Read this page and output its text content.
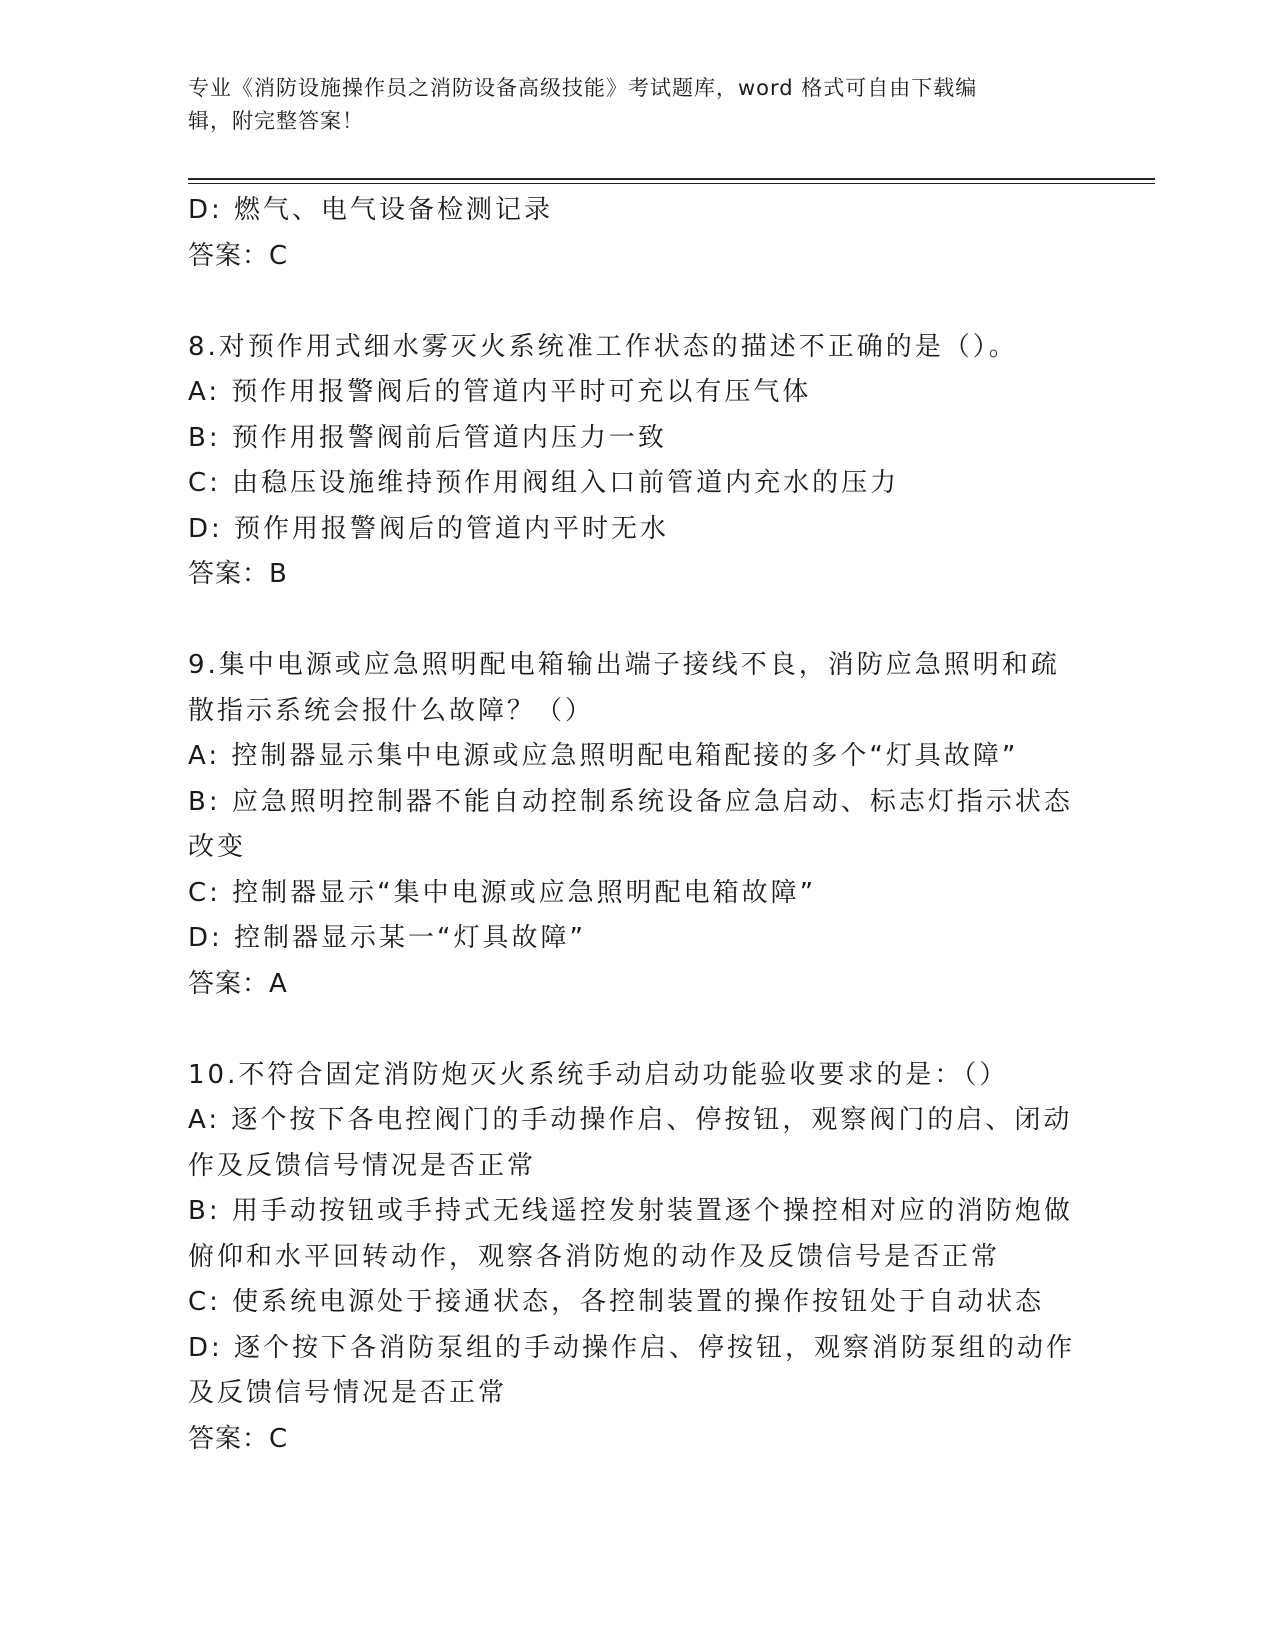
专业《消防设施操作员之消防设备高级技能》考试题库，word 格式可自由下载编
辑，附完整答案！
D: 燃气、电气设备检测记录
答案：C
8.对预作用式细水雾灭火系统准工作状态的描述不正确的是（）。
A: 预作用报警阀后的管道内平时可充以有压气体
B: 预作用报警阀前后管道内压力一致
C: 由稳压设施维持预作用阀组入口前管道内充水的压力
D: 预作用报警阀后的管道内平时无水
答案：B
9.集中电源或应急照明配电箱输出端子接线不良，消防应急照明和疏
散指示系统会报什么故障？（）
A: 控制器显示集中电源或应急照明配电箱配接的多个“灯具故障”
B: 应急照明控制器不能自动控制系统设备应急启动、标志灯指示状态
改变
C: 控制器显示“集中电源或应急照明配电箱故障”
D: 控制器显示某一“灯具故障”
答案：A
10.不符合固定消防炮灭火系统手动启动功能验收要求的是：（）
A: 逐个按下各电控阀门的手动操作启、停按钮，观察阀门的启、闭动
作及反馈信号情况是否正常
B: 用手动按钮或手持式无线遥控发射装置逐个操控相对应的消防炮做
俯仰和水平回转动作，观察各消防炮的动作及反馈信号是否正常
C: 使系统电源处于接通状态，各控制装置的操作按钮处于自动状态
D: 逐个按下各消防泵组的手动操作启、停按钮，观察消防泵组的动作
及反馈信号情况是否正常
答案：C
